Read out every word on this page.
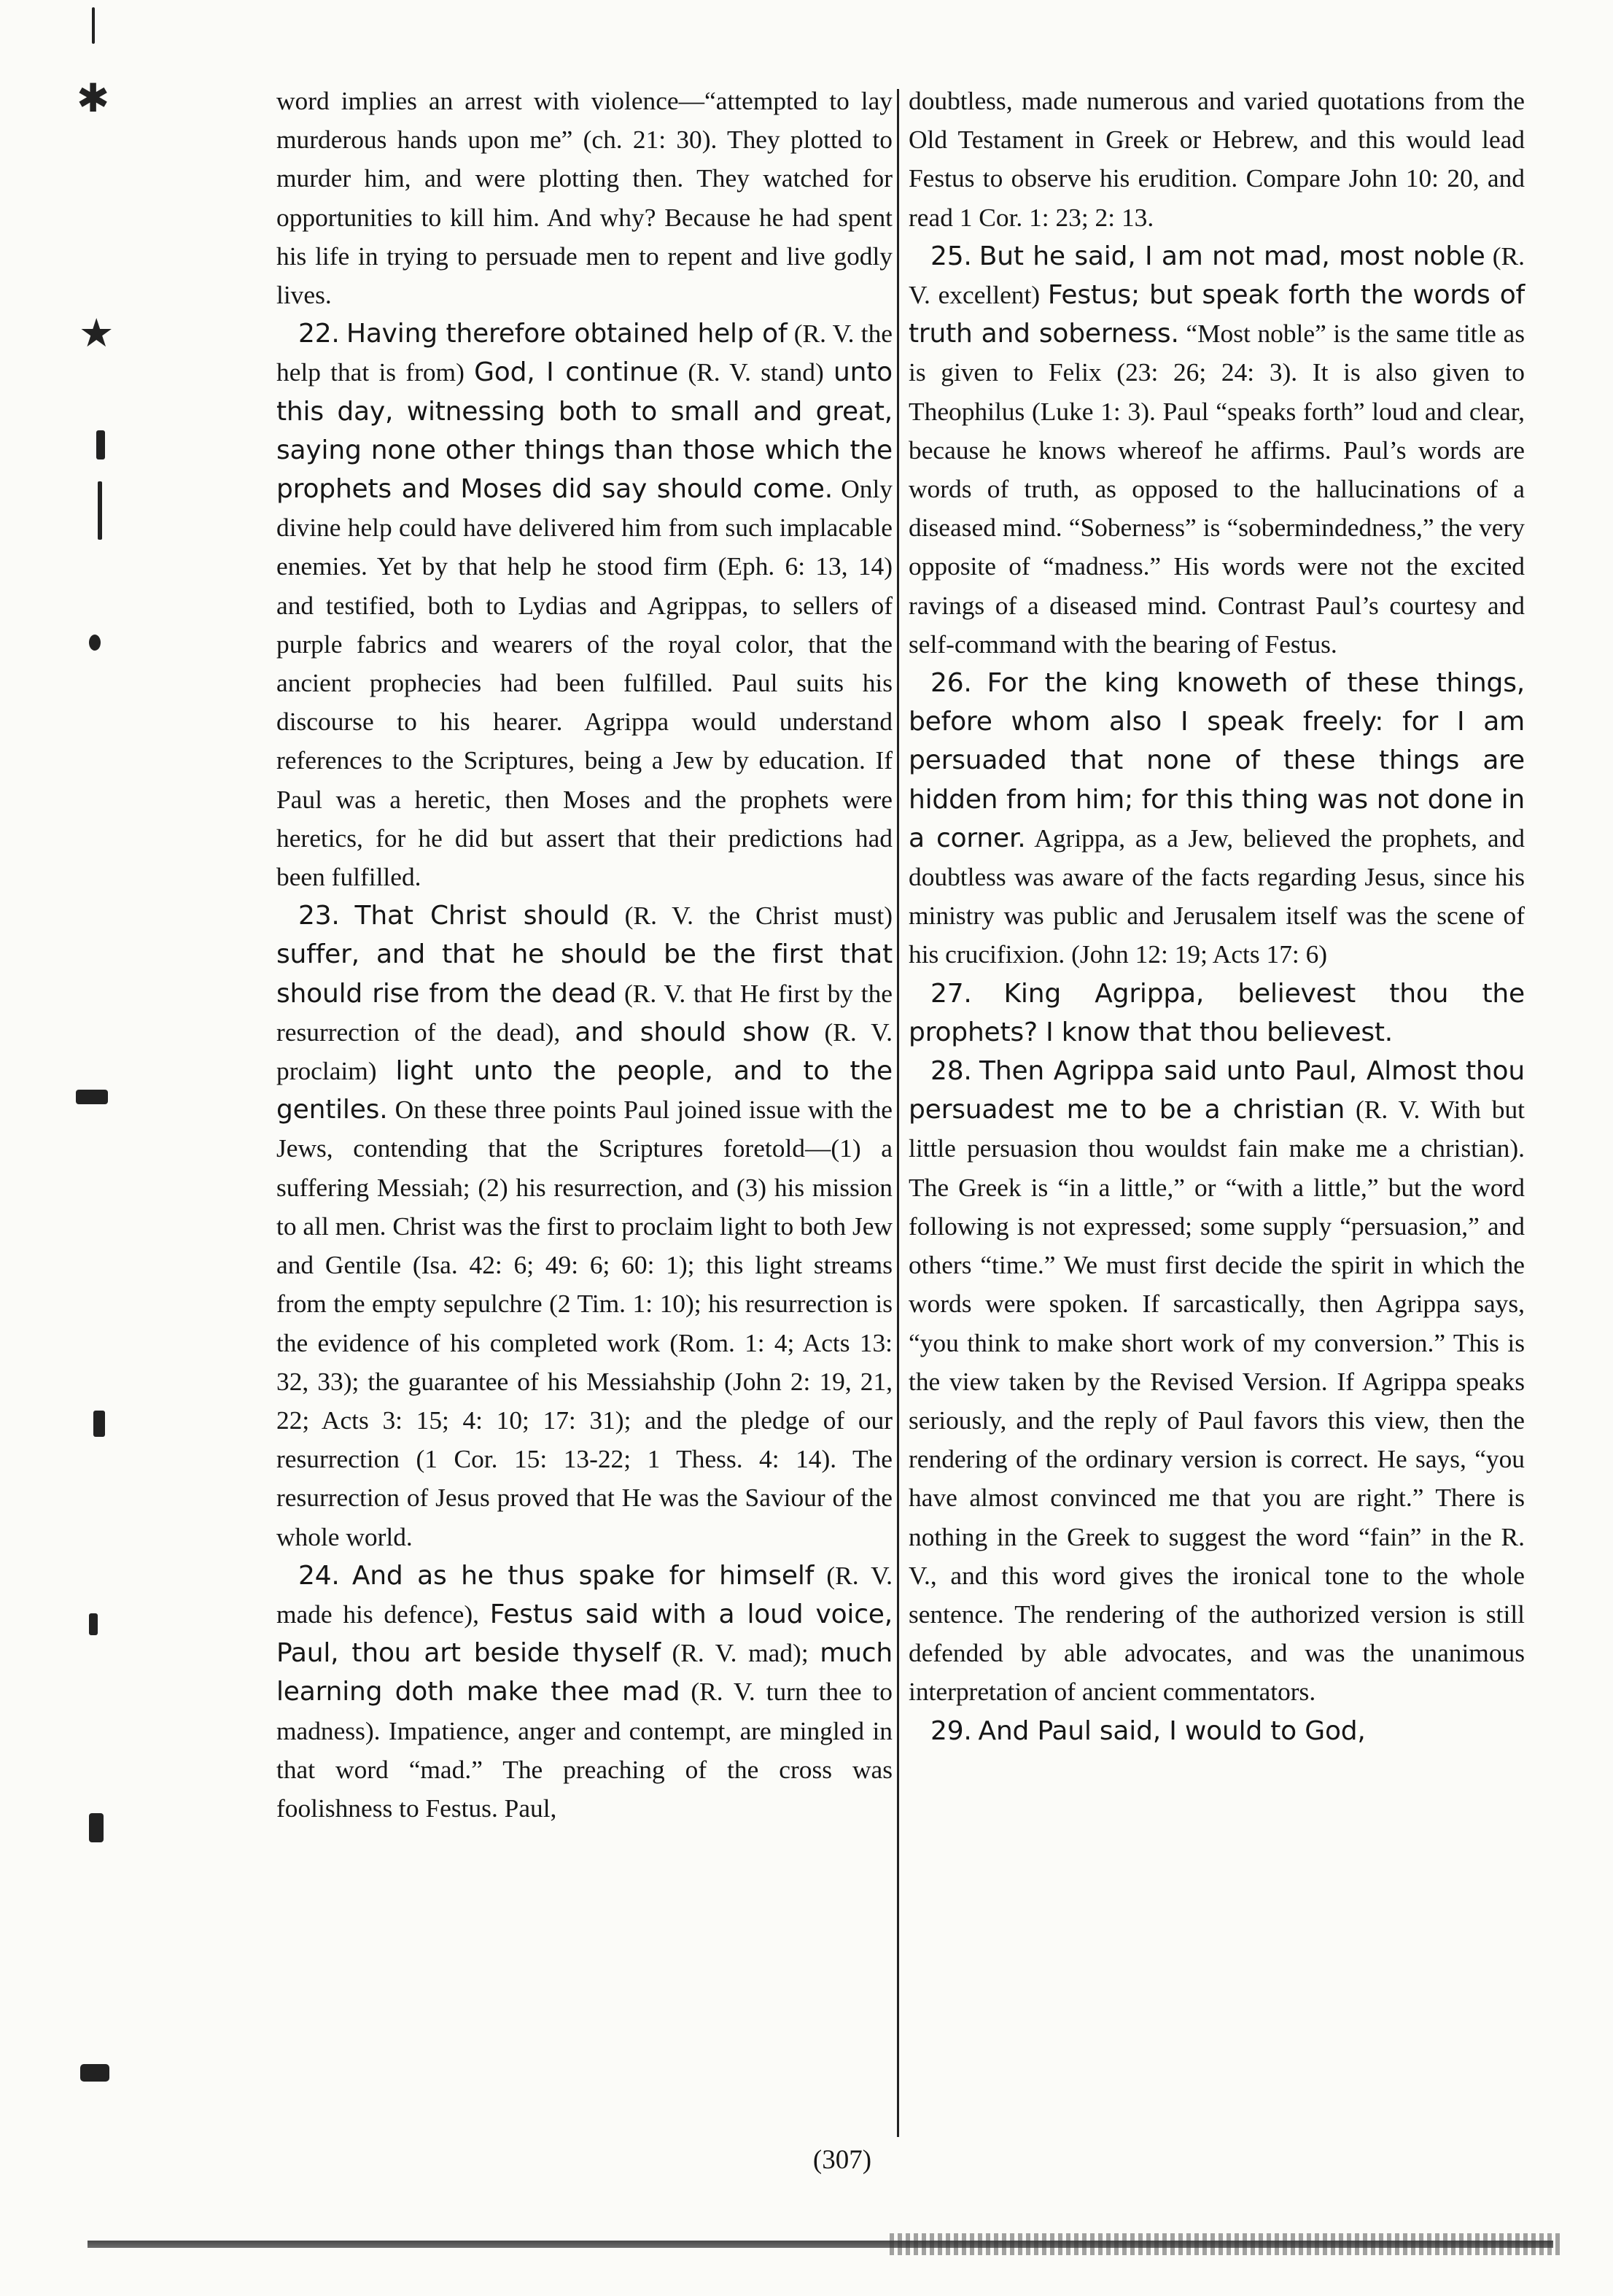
✱
★

word implies an arrest with violence—“attempted to lay murderous hands upon me” (ch. 21: 30). They plotted to murder him, and were plotting then. They watched for opportunities to kill him. And why? Because he had spent his life in trying to persuade men to repent and live godly lives.

22. Having therefore obtained help of (R. V. the help that is from) God, I continue (R. V. stand) unto this day, witnessing both to small and great, saying none other things than those which the prophets and Moses did say should come. Only divine help could have delivered him from such implacable enemies. Yet by that help he stood firm (Eph. 6: 13, 14) and testified, both to Lydias and Agrippas, to sellers of purple fabrics and wearers of the royal color, that the ancient prophecies had been fulfilled. Paul suits his discourse to his hearer. Agrippa would understand references to the Scriptures, being a Jew by education. If Paul was a heretic, then Moses and the prophets were heretics, for he did but assert that their predictions had been fulfilled.

23. That Christ should (R. V. the Christ must) suffer, and that he should be the first that should rise from the dead (R. V. that He first by the resurrection of the dead), and should show (R. V. proclaim) light unto the people, and to the gentiles. On these three points Paul joined issue with the Jews, contending that the Scriptures foretold—(1) a suffering Messiah; (2) his resurrection, and (3) his mission to all men. Christ was the first to proclaim light to both Jew and Gentile (Isa. 42: 6; 49: 6; 60: 1); this light streams from the empty sepulchre (2 Tim. 1: 10); his resurrection is the evidence of his completed work (Rom. 1: 4; Acts 13: 32, 33); the guarantee of his Messiahship (John 2: 19, 21, 22; Acts 3: 15; 4: 10; 17: 31); and the pledge of our resurrection (1 Cor. 15: 13-22; 1 Thess. 4: 14). The resurrection of Jesus proved that He was the Saviour of the whole world.

24. And as he thus spake for himself (R. V. made his defence), Festus said with a loud voice, Paul, thou art beside thyself (R. V. mad); much learning doth make thee mad (R. V. turn thee to madness). Impatience, anger and contempt, are mingled in that word “mad.” The preaching of the cross was foolishness to Festus. Paul,

doubtless, made numerous and varied quotations from the Old Testament in Greek or Hebrew, and this would lead Festus to observe his erudition. Compare John 10: 20, and read 1 Cor. 1: 23; 2: 13.

25. But he said, I am not mad, most noble (R. V. excellent) Festus; but speak forth the words of truth and soberness. “Most noble” is the same title as is given to Felix (23: 26; 24: 3). It is also given to Theophilus (Luke 1: 3). Paul “speaks forth” loud and clear, because he knows whereof he affirms. Paul’s words are words of truth, as opposed to the hallucinations of a diseased mind. “Soberness” is “sobermindedness,” the very opposite of “madness.” His words were not the excited ravings of a diseased mind. Contrast Paul’s courtesy and self-command with the bearing of Festus.

26. For the king knoweth of these things, before whom also I speak freely: for I am persuaded that none of these things are hidden from him; for this thing was not done in a corner. Agrippa, as a Jew, believed the prophets, and doubtless was aware of the facts regarding Jesus, since his ministry was public and Jerusalem itself was the scene of his crucifixion. (John 12: 19; Acts 17: 6)

27. King Agrippa, believest thou the prophets? I know that thou believest.

28. Then Agrippa said unto Paul, Almost thou persuadest me to be a christian (R. V. With but little persuasion thou wouldst fain make me a christian). The Greek is “in a little,” or “with a little,” but the word following is not expressed; some supply “persuasion,” and others “time.” We must first decide the spirit in which the words were spoken. If sarcastically, then Agrippa says, “you think to make short work of my conversion.” This is the view taken by the Revised Version. If Agrippa speaks seriously, and the reply of Paul favors this view, then the rendering of the ordinary version is correct. He says, “you have almost convinced me that you are right.” There is nothing in the Greek to suggest the word “fain” in the R. V., and this word gives the ironical tone to the whole sentence. The rendering of the authorized version is still defended by able advocates, and was the unanimous interpretation of ancient commentators.

29. And Paul said, I would to God,

(307)
